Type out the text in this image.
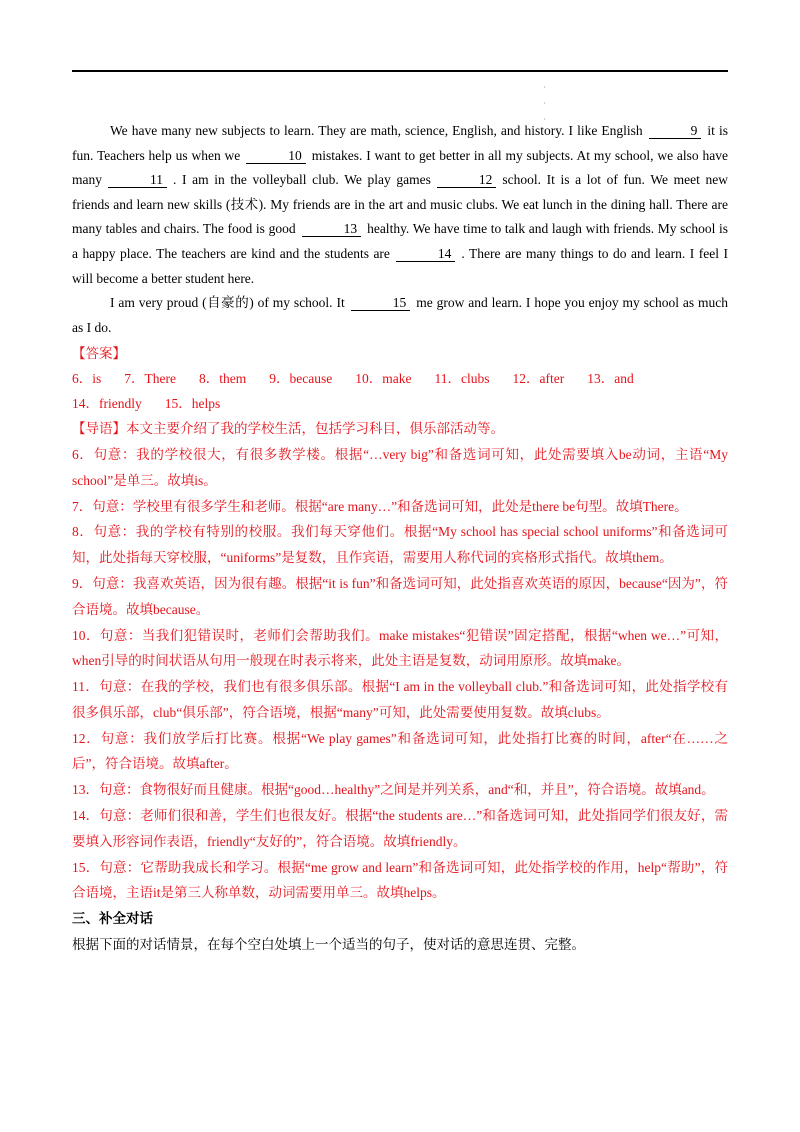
·
·
·

We have many new subjects to learn. They are math, science, English, and history. I like English	9 it is fun. Teachers help us when we	10 mistakes. I want to get better in all my subjects. At my school, we also have many	11 . I am in the volleyball club. We play games	12 school. It is a lot of fun. We meet new friends and learn new skills (技术). My friends are in the art and music clubs. We eat lunch in the dining hall. There are many tables and chairs. The food is good	13 healthy. We have time to talk and laugh with friends. My school is a happy place. The teachers are kind and the students are	14 . There are many things to do and learn. I feel I will become a better student here.

I am very proud (自豪的) of my school. It	15 me grow and learn. I hope you enjoy my school as much as I do.

【答案】

6．is 7．There 8．them 9．because 10．make 11．clubs 12．after 13．and
14．friendly 15．helps

【导语】本文主要介绍了我的学校生活，包括学习科目，俱乐部活动等。

6．句意：我的学校很大，有很多教学楼。根据“…very big”和备选词可知，此处需要填入be动词，主语“My school”是单三。故填is。

7．句意：学校里有很多学生和老师。根据“are many…”和备选词可知，此处是there be句型。故填There。

8．句意：我的学校有特别的校服。我们每天穿他们。根据“My school has special school uniforms”和备选词可知，此处指每天穿校服，“uniforms”是复数，且作宾语，需要用人称代词的宾格形式指代。故填them。

9．句意：我喜欢英语，因为很有趣。根据“it is fun”和备选词可知，此处指喜欢英语的原因，because“因为”，符合语境。故填because。

10．句意：当我们犯错误时，老师们会帮助我们。make mistakes“犯错误”固定搭配，根据“when we…”可知，when引导的时间状语从句用一般现在时表示将来，此处主语是复数，动词用原形。故填make。

11．句意：在我的学校，我们也有很多俱乐部。根据“I am in the volleyball club.”和备选词可知，此处指学校有很多俱乐部，club“俱乐部”，符合语境，根据“many”可知，此处需要使用复数。故填clubs。

12．句意：我们放学后打比赛。根据“We play games”和备选词可知，此处指打比赛的时间，after“在……之后”，符合语境。故填after。

13．句意：食物很好而且健康。根据“good…healthy”之间是并列关系，and“和，并且”，符合语境。故填and。

14．句意：老师们很和善，学生们也很友好。根据“the students are…”和备选词可知，此处指同学们很友好，需要填入形容词作表语，friendly“友好的”，符合语境。故填friendly。

15．句意：它帮助我成长和学习。根据“me grow and learn”和备选词可知，此处指学校的作用，help“帮助”，符合语境，主语it是第三人称单数，动词需要用单三。故填helps。

三、补全对话

根据下面的对话情景，在每个空白处填上一个适当的句子，使对话的意思连贯、完整。
